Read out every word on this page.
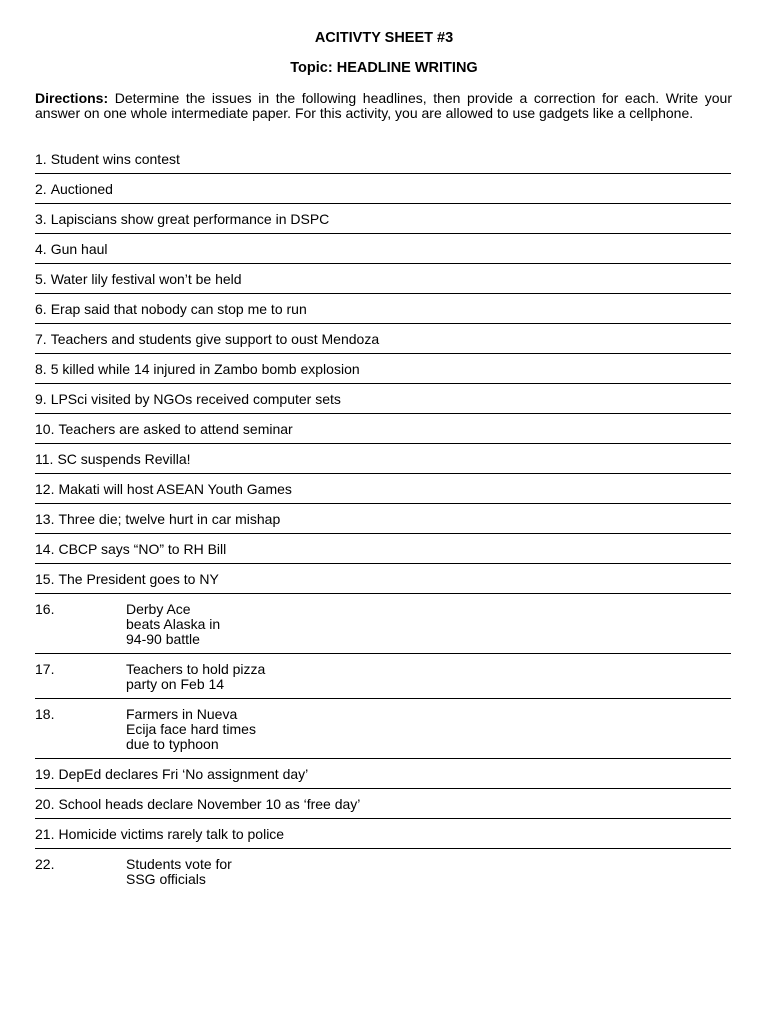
ACITIVTY SHEET #3
Topic: HEADLINE WRITING
Directions: Determine the issues in the following headlines, then provide a correction for each. Write your answer on one whole intermediate paper. For this activity, you are allowed to use gadgets like a cellphone.
1. Student wins contest
2. Auctioned
3. Lapiscians show great performance in DSPC
4. Gun haul
5. Water lily festival won’t be held
6. Erap said that nobody can stop me to run
7. Teachers and students give support to oust Mendoza
8. 5 killed while 14 injured in Zambo bomb explosion
9. LPSci visited by NGOs received computer sets
10. Teachers are asked to attend seminar
11. SC suspends Revilla!
12. Makati will host ASEAN Youth Games
13. Three die; twelve hurt in car mishap
14. CBCP says “NO” to RH Bill
15. The President goes to NY
16.	Derby Ace
beats Alaska in
94-90 battle
17.	Teachers to hold pizza
party on Feb 14
18.	Farmers in Nueva
Ecija face hard times
due to typhoon
19. DepEd declares Fri ‘No assignment day’
20. School heads declare November 10 as ‘free day’
21. Homicide victims rarely talk to police
22.	Students vote for
SSG officials
